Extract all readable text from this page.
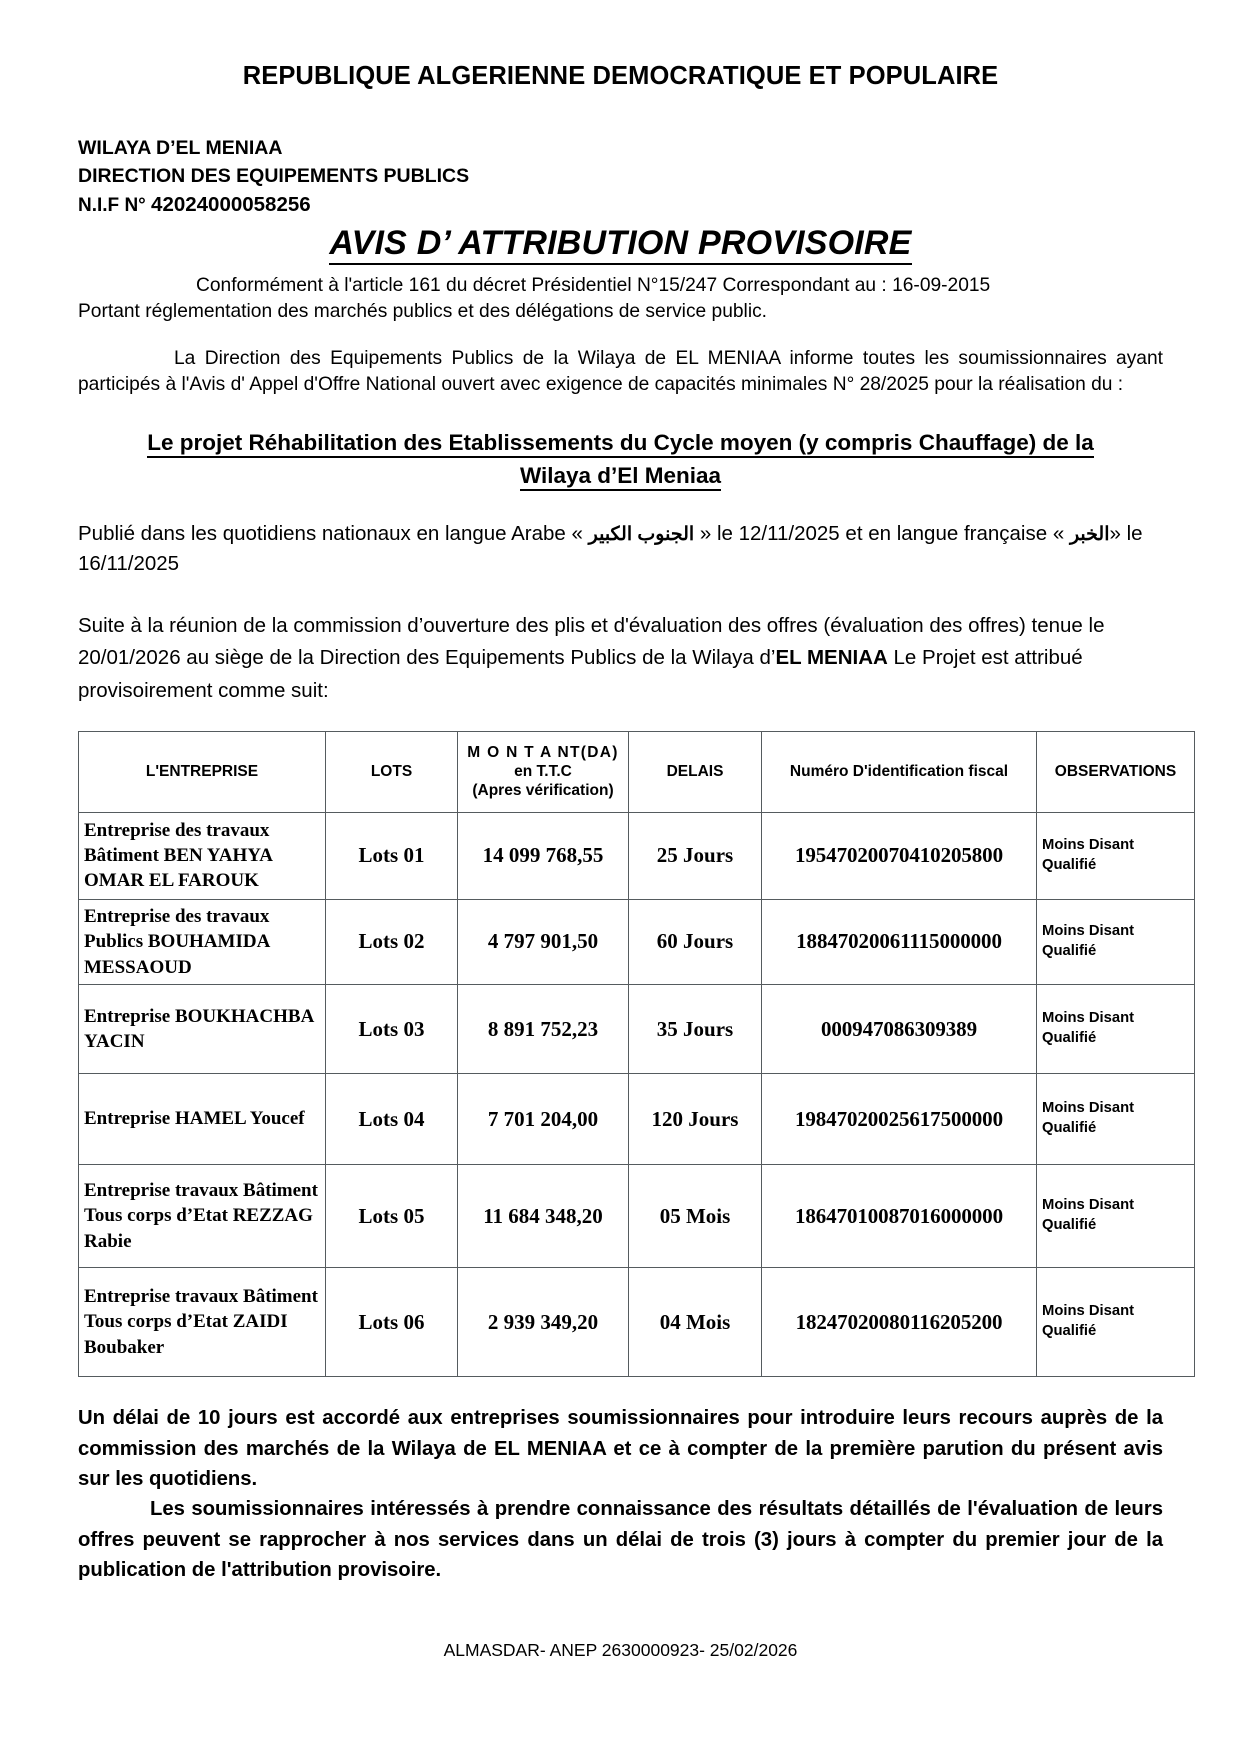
REPUBLIQUE ALGERIENNE DEMOCRATIQUE ET POPULAIRE
WILAYA D’EL MENIAA
DIRECTION DES EQUIPEMENTS PUBLICS
N.I.F N° 42024000058256
AVIS D’ ATTRIBUTION PROVISOIRE

Conformément à l'article 161 du décret Présidentiel N°15/247 Correspondant au : 16-09-2015

Portant réglementation des marchés publics et des délégations de service public.

La Direction des Equipements Publics de la Wilaya de EL MENIAA informe toutes les soumissionnaires ayant participés à l'Avis d' Appel d'Offre National ouvert avec exigence de capacités minimales N° 28/2025 pour la réalisation du :

Le projet Réhabilitation des Etablissements du Cycle moyen (y compris Chauffage) de la
Wilaya d’El Meniaa

Publié dans les quotidiens nationaux en langue Arabe « الجنوب الكبير » le 12/11/2025 et en langue française « الخبر» le 16/11/2025

Suite à la réunion de la commission d’ouverture des plis et d'évaluation des offres (évaluation des offres) tenue le 20/01/2026 au siège de la Direction des Equipements Publics de la Wilaya d’EL MENIAA Le Projet est attribué provisoirement comme suit:

L'ENTREPRISE	LOTS	M O N T A NT(DA)
en T.T.C
(Apres vérification)	DELAIS	Numéro D'identification fiscal	OBSERVATIONS
Entreprise des travaux Bâtiment BEN YAHYA OMAR EL FAROUK	Lots 01	14 099 768,55	25 Jours	19547020070410205800	Moins Disant
Qualifié
Entreprise des travaux Publics BOUHAMIDA MESSAOUD	Lots 02	4 797 901,50	60 Jours	18847020061115000000	Moins Disant
Qualifié
Entreprise BOUKHACHBA YACIN	Lots 03	8 891 752,23	35 Jours	000947086309389	Moins Disant
Qualifié
Entreprise HAMEL Youcef	Lots 04	7 701 204,00	120 Jours	19847020025617500000	Moins Disant
Qualifié
Entreprise travaux Bâtiment Tous corps d’Etat REZZAG Rabie	Lots 05	11 684 348,20	05 Mois	18647010087016000000	Moins Disant
Qualifié
Entreprise travaux Bâtiment Tous corps d’Etat ZAIDI Boubaker	Lots 06	2 939 349,20	04 Mois	18247020080116205200	Moins Disant
Qualifié

Un délai de 10 jours est accordé aux entreprises soumissionnaires pour introduire leurs recours auprès de la commission des marchés de la Wilaya de EL MENIAA et ce à compter de la première parution du présent avis sur les quotidiens.

Les soumissionnaires intéressés à prendre connaissance des résultats détaillés de l'évaluation de leurs offres peuvent se rapprocher à nos services dans un délai de trois (3) jours à compter du premier jour de la publication de l'attribution provisoire.

ALMASDAR- ANEP 2630000923- 25/02/2026
